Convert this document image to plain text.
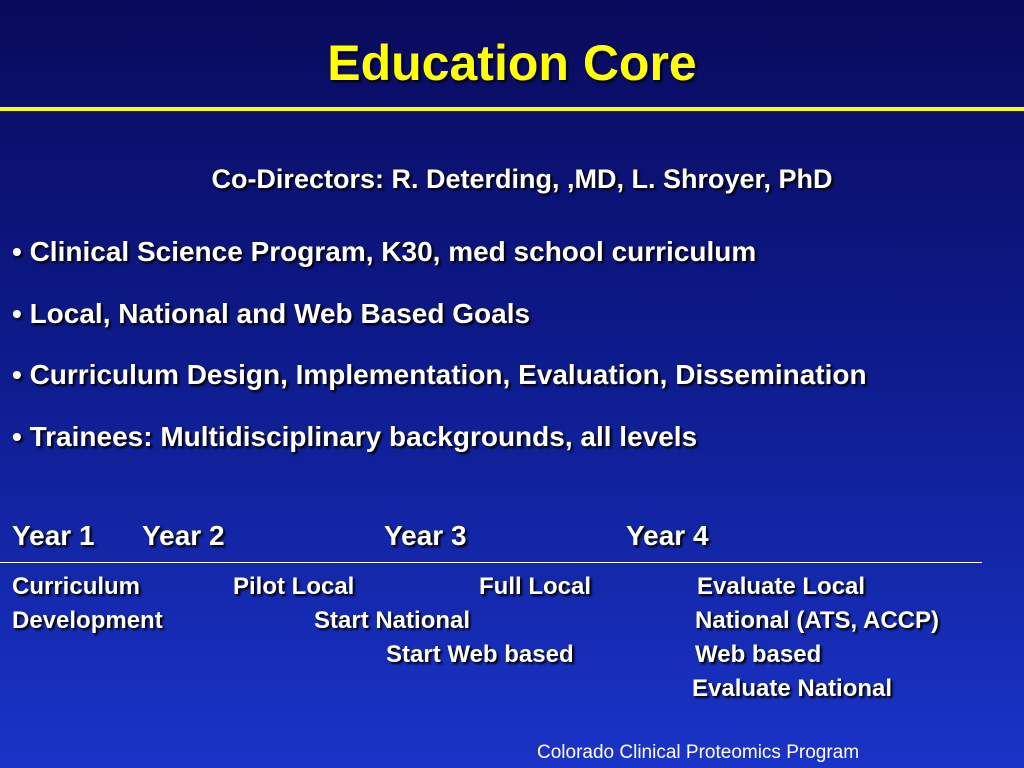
Education Core
Co-Directors: R. Deterding, ,MD, L. Shroyer, PhD
• Clinical Science Program, K30, med school curriculum
• Local, National and Web Based Goals
• Curriculum Design, Implementation, Evaluation, Dissemination
• Trainees: Multidisciplinary backgrounds, all levels
Year 1 Year 2	Year 3	Year 4
Curriculum
Development
Pilot Local
Start National
Full Local
Start Web based
Evaluate Local
National (ATS, ACCP)
Web based
Evaluate National
Colorado Clinical Proteomics Program
